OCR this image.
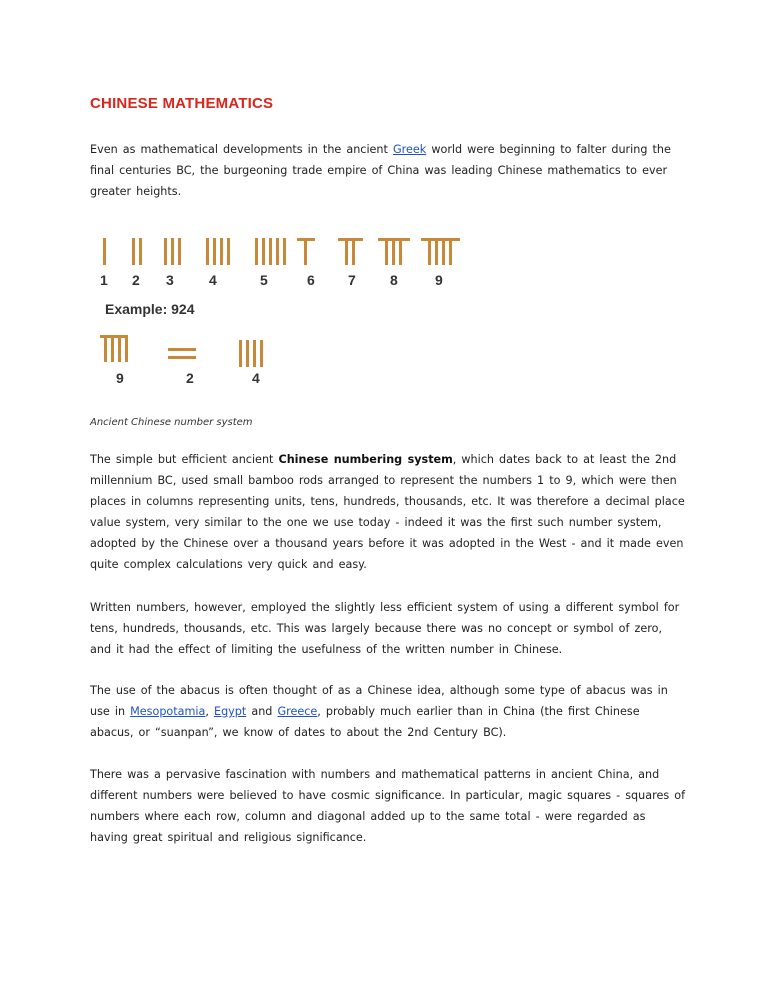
CHINESE MATHEMATICS

Even as mathematical developments in the ancient Greek world were beginning to falter during the final centuries BC, the burgeoning trade empire of China was leading Chinese mathematics to ever greater heights.

1 2 3	4	5	6 7 8	9
Example: 924
9	2	4

Ancient Chinese number system

The simple but efficient ancient Chinese numbering system, which dates back to at least the 2nd millennium BC, used small bamboo rods arranged to represent the numbers 1 to 9, which were then places in columns representing units, tens, hundreds, thousands, etc. It was therefore a decimal place value system, very similar to the one we use today - indeed it was the first such number system, adopted by the Chinese over a thousand years before it was adopted in the West - and it made even quite complex calculations very quick and easy.

Written numbers, however, employed the slightly less efficient system of using a different symbol for tens, hundreds, thousands, etc. This was largely because there was no concept or symbol of zero, and it had the effect of limiting the usefulness of the written number in Chinese.

The use of the abacus is often thought of as a Chinese idea, although some type of abacus was in use in Mesopotamia, Egypt and Greece, probably much earlier than in China (the first Chinese abacus, or “suanpan”, we know of dates to about the 2nd Century BC).

There was a pervasive fascination with numbers and mathematical patterns in ancient China, and different numbers were believed to have cosmic significance. In particular, magic squares - squares of numbers where each row, column and diagonal added up to the same total - were regarded as having great spiritual and religious significance.
